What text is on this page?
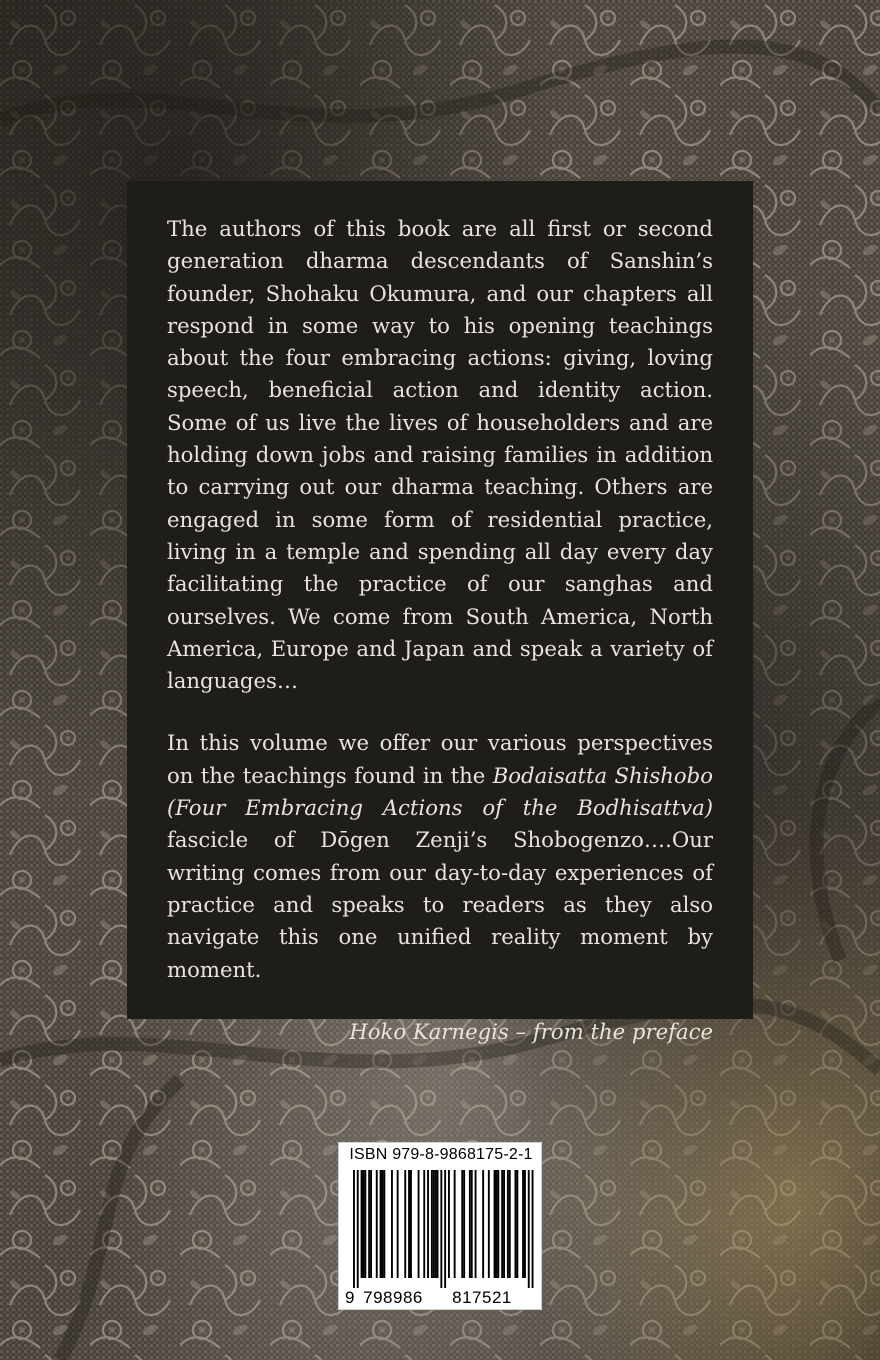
The authors of this book are all first or second generation dharma descendants of Sanshin’s founder, Shohaku Okumura, and our chapters all respond in some way to his opening teachings about the four embracing actions: giving, loving speech, beneficial action and identity action. Some of us live the lives of householders and are holding down jobs and raising families in addition to carrying out our dharma teaching. Others are engaged in some form of residential practice, living in a temple and spending all day every day facilitating the practice of our sanghas and ourselves. We come from South America, North America, Europe and Japan and speak a variety of languages…

In this volume we offer our various perspectives on the teachings found in the Bodaisatta Shishobo (Four Embracing Actions of the Bodhisattva) fascicle of Dōgen Zenji’s Shobogenzo….Our writing comes from our day-to-day experiences of practice and speaks to readers as they also navigate this one unified reality moment by moment.

Hoko Karnegis – from the preface

ISBN 979-8-9868175-2-1
9 798986 817521
